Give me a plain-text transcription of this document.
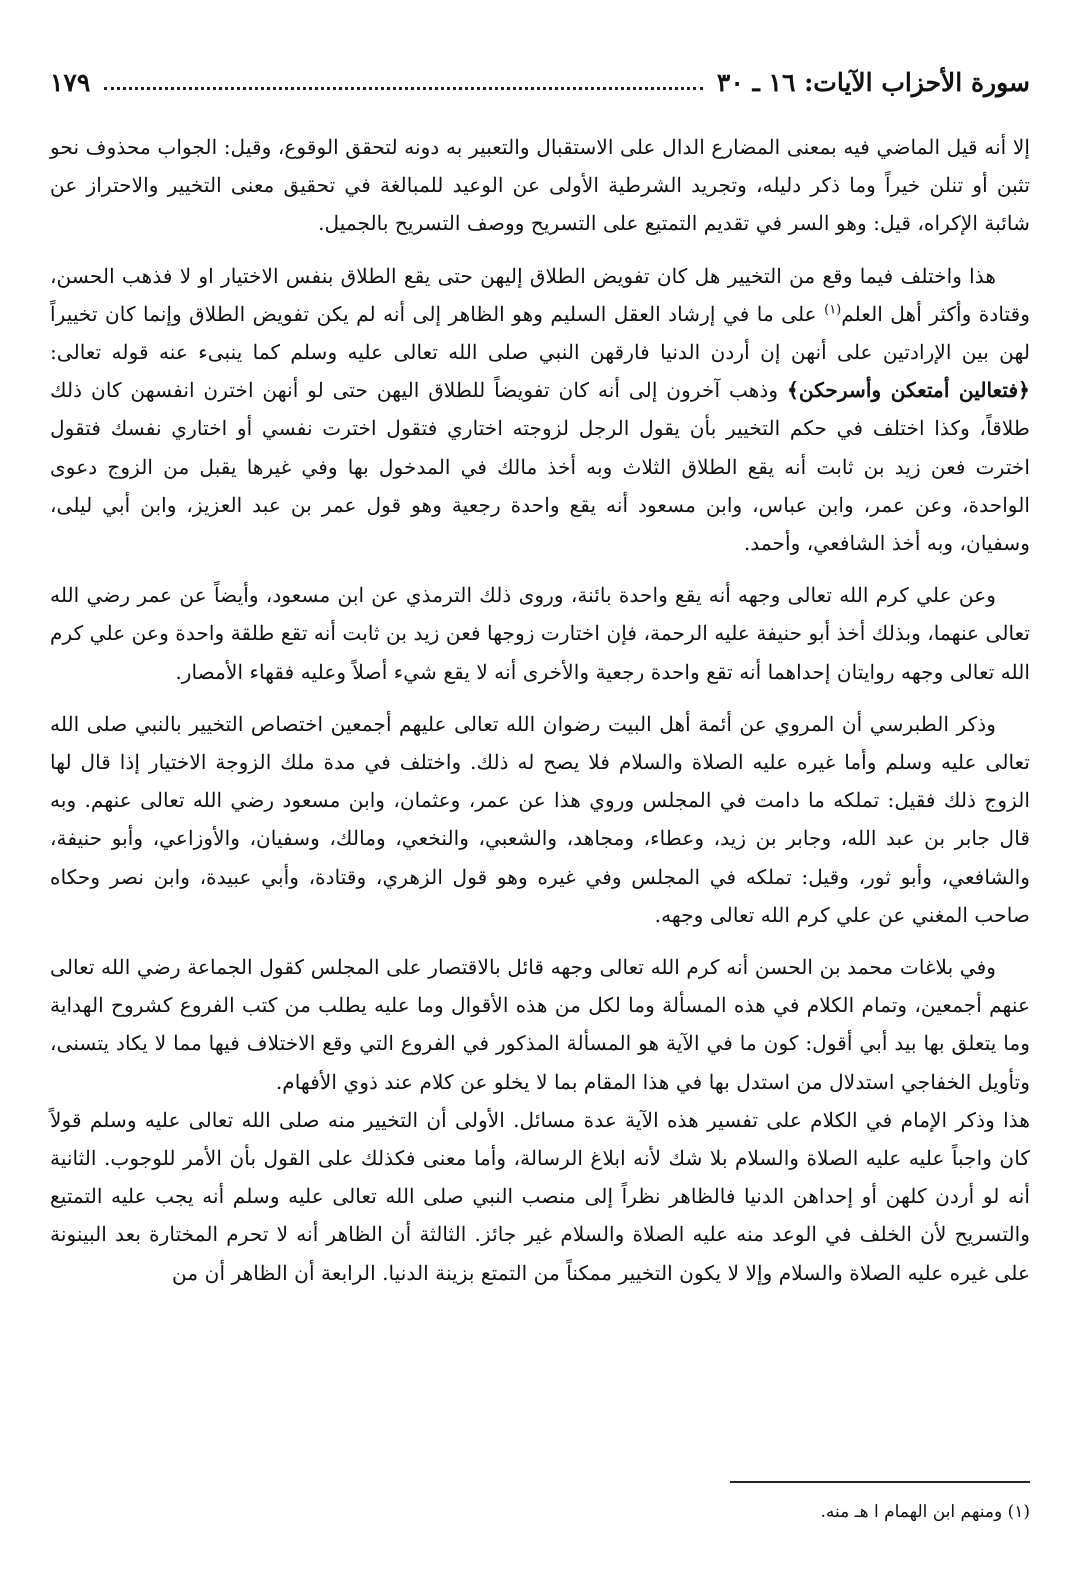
سورة الأحزاب الآيات: ١٦ ـ ٣٠
١٧٩

إلا أنه قيل الماضي فيه بمعنى المضارع الدال على الاستقبال والتعبير به دونه لتحقق الوقوع، وقيل: الجواب محذوف نحو تثبن أو تنلن خيراً وما ذكر دليله، وتجريد الشرطية الأولى عن الوعيد للمبالغة في تحقيق معنى التخيير والاحتراز عن شائبة الإكراه، قيل: وهو السر في تقديم التمتيع على التسريح ووصف التسريح بالجميل.

هذا واختلف فيما وقع من التخيير هل كان تفويض الطلاق إليهن حتى يقع الطلاق بنفس الاختيار او لا فذهب الحسن، وقتادة وأكثر أهل العلم$^{(١)}$ على ما في إرشاد العقل السليم وهو الظاهر إلى أنه لم يكن تفويض الطلاق وإنما كان تخييراً لهن بين الإرادتين على أنهن إن أردن الدنيا فارقهن النبي صلى الله تعالى عليه وسلم كما ينبىء عنه قوله تعالى: ﴿فتعالين أمتعكن وأسرحكن﴾ وذهب آخرون إلى أنه كان تفويضاً للطلاق اليهن حتى لو أنهن اخترن انفسهن كان ذلك طلاقاً، وكذا اختلف في حكم التخيير بأن يقول الرجل لزوجته اختاري فتقول اخترت نفسي أو اختاري نفسك فتقول اخترت فعن زيد بن ثابت أنه يقع الطلاق الثلاث وبه أخذ مالك في المدخول بها وفي غيرها يقبل من الزوج دعوى الواحدة، وعن عمر، وابن عباس، وابن مسعود أنه يقع واحدة رجعية وهو قول عمر بن عبد العزيز، وابن أبي ليلى، وسفيان، وبه أخذ الشافعي، وأحمد.

وعن علي كرم الله تعالى وجهه أنه يقع واحدة بائنة، وروى ذلك الترمذي عن ابن مسعود، وأيضاً عن عمر رضي الله تعالى عنهما، وبذلك أخذ أبو حنيفة عليه الرحمة، فإن اختارت زوجها فعن زيد بن ثابت أنه تقع طلقة واحدة وعن علي كرم الله تعالى وجهه روايتان إحداهما أنه تقع واحدة رجعية والأخرى أنه لا يقع شيء أصلاً وعليه فقهاء الأمصار.

وذكر الطبرسي أن المروي عن أئمة أهل البيت رضوان الله تعالى عليهم أجمعين اختصاص التخيير بالنبي صلى الله تعالى عليه وسلم وأما غيره عليه الصلاة والسلام فلا يصح له ذلك. واختلف في مدة ملك الزوجة الاختيار إذا قال لها الزوج ذلك فقيل: تملكه ما دامت في المجلس وروي هذا عن عمر، وعثمان، وابن مسعود رضي الله تعالى عنهم. وبه قال جابر بن عبد الله، وجابر بن زيد، وعطاء، ومجاهد، والشعبي، والنخعي، ومالك، وسفيان، والأوزاعي، وأبو حنيفة، والشافعي، وأبو ثور، وقيل: تملكه في المجلس وفي غيره وهو قول الزهري، وقتادة، وأبي عبيدة، وابن نصر وحكاه صاحب المغني عن علي كرم الله تعالى وجهه.

وفي بلاغات محمد بن الحسن أنه كرم الله تعالى وجهه قائل بالاقتصار على المجلس كقول الجماعة رضي الله تعالى عنهم أجمعين، وتمام الكلام في هذه المسألة وما لكل من هذه الأقوال وما عليه يطلب من كتب الفروع كشروح الهداية وما يتعلق بها بيد أبي أقول: كون ما في الآية هو المسألة المذكور في الفروع التي وقع الاختلاف فيها مما لا يكاد يتسنى، وتأويل الخفاجي استدلال من استدل بها في هذا المقام بما لا يخلو عن كلام عند ذوي الأفهام.

هذا وذكر الإمام في الكلام على تفسير هذه الآية عدة مسائل. الأولى أن التخيير منه صلى الله تعالى عليه وسلم قولاً كان واجباً عليه عليه الصلاة والسلام بلا شك لأنه ابلاغ الرسالة، وأما معنى فكذلك على القول بأن الأمر للوجوب. الثانية أنه لو أردن كلهن أو إحداهن الدنيا فالظاهر نظراً إلى منصب النبي صلى الله تعالى عليه وسلم أنه يجب عليه التمتيع والتسريح لأن الخلف في الوعد منه عليه الصلاة والسلام غير جائز. الثالثة أن الظاهر أنه لا تحرم المختارة بعد البينونة على غيره عليه الصلاة والسلام وإلا لا يكون التخيير ممكناً من التمتع بزينة الدنيا. الرابعة أن الظاهر أن من

(١) ومنهم ابن الهمام ا هـ منه.
